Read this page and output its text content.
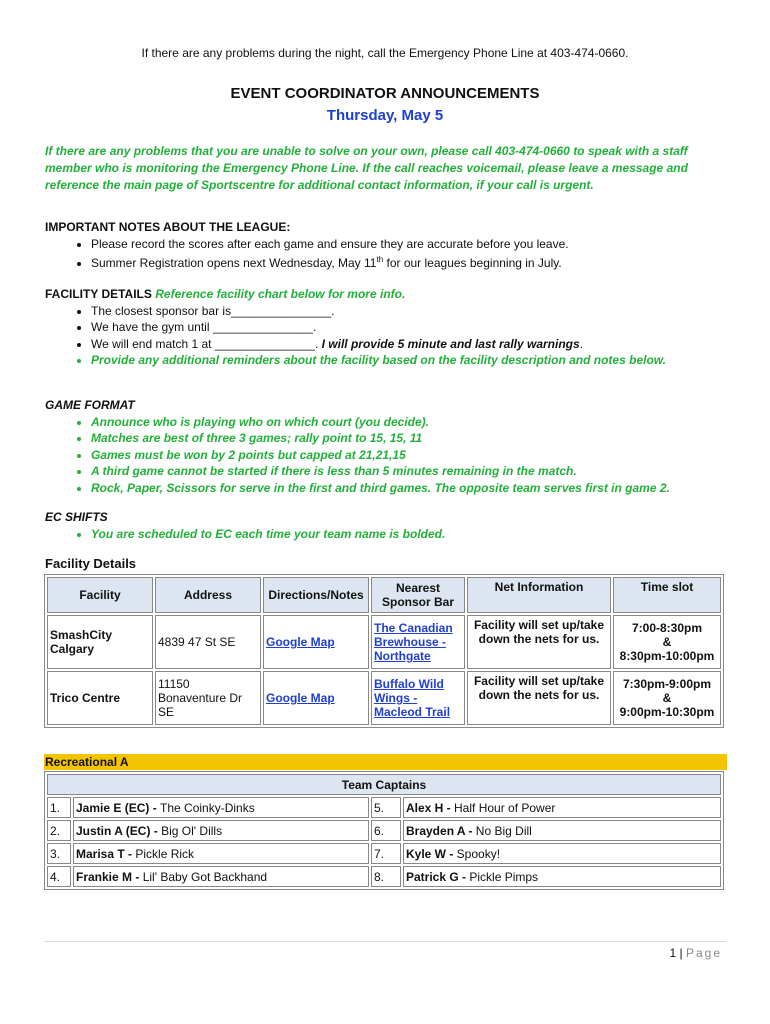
If there are any problems during the night, call the Emergency Phone Line at 403-474-0660.
EVENT COORDINATOR ANNOUNCEMENTS
Thursday, May 5
If there are any problems that you are unable to solve on your own, please call 403-474-0660 to speak with a staff member who is monitoring the Emergency Phone Line. If the call reaches voicemail, please leave a message and reference the main page of Sportscentre for additional contact information, if your call is urgent.
IMPORTANT NOTES ABOUT THE LEAGUE:
• Please record the scores after each game and ensure they are accurate before you leave.
• Summer Registration opens next Wednesday, May 11th for our leagues beginning in July.
FACILITY DETAILS Reference facility chart below for more info.
• The closest sponsor bar is_______________.
• We have the gym until _______________.
• We will end match 1 at _______________. I will provide 5 minute and last rally warnings.
• Provide any additional reminders about the facility based on the facility description and notes below.
GAME FORMAT
• Announce who is playing who on which court (you decide).
• Matches are best of three 3 games; rally point to 15, 15, 11
• Games must be won by 2 points but capped at 21,21,15
• A third game cannot be started if there is less than 5 minutes remaining in the match.
• Rock, Paper, Scissors for serve in the first and third games. The opposite team serves first in game 2.
EC SHIFTS
• You are scheduled to EC each time your team name is bolded.
Facility Details
Facility	Address	Directions/Notes	Nearest Sponsor Bar	Net Information	Time slot
SmashCity Calgary	4839 47 St SE	Google Map	The Canadian Brewhouse - Northgate	Facility will set up/take down the nets for us.	7:00-8:30pm
&
8:30pm-10:00pm

Trico Centre	11150 Bonaventure Dr SE	Google Map	Buffalo Wild Wings - Macleod Trail	Facility will set up/take down the nets for us.	7:30pm-9:00pm
&
9:00pm-10:30pm
Recreational A
Team Captains			
1.	Jamie E (EC) - The Coinky-Dinks	5.	Alex H - Half Hour of Power
2.	Justin A (EC) - Big Ol' Dills	6.	Brayden A - No Big Dill
3.	Marisa T - Pickle Rick	7.	Kyle W - Spooky!
4.	Frankie M - Lil' Baby Got Backhand	8.	Patrick G - Pickle Pimps
1 | Page
